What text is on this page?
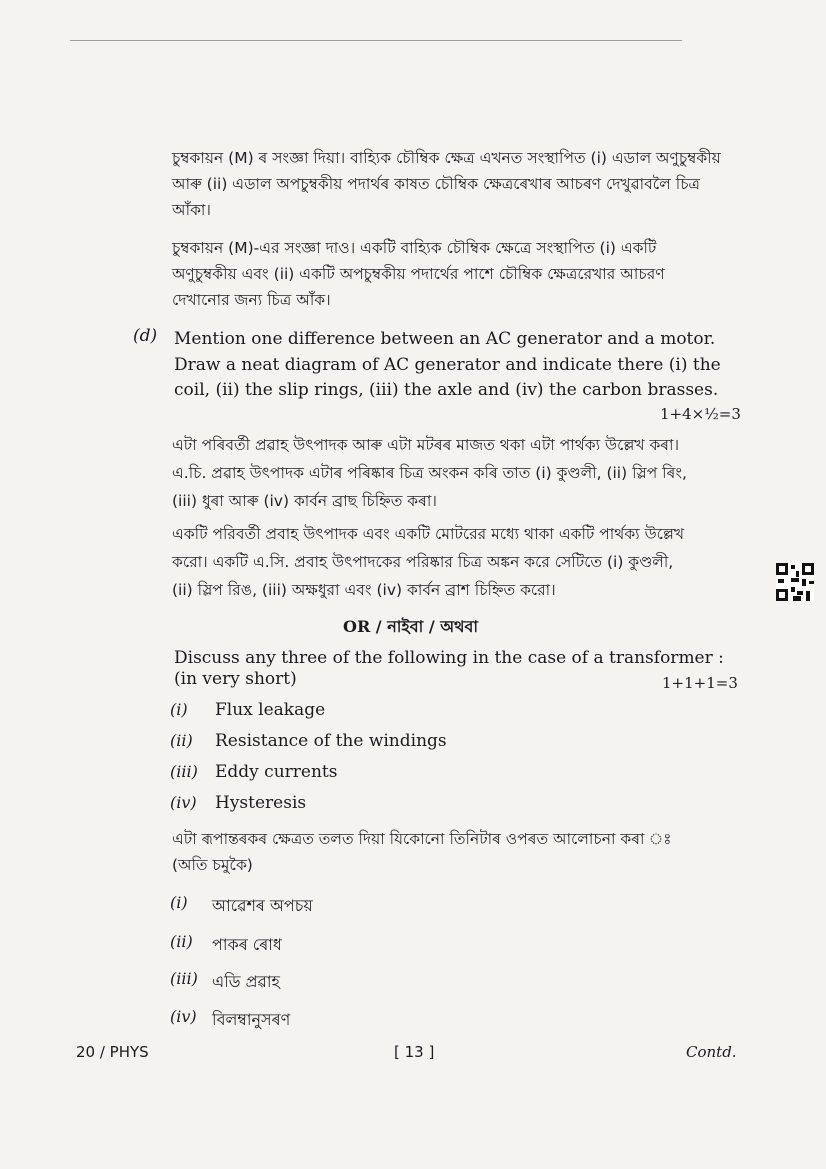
চুম্বকায়ন (M) ৰ সংজ্ঞা দিয়া। বাহ্যিক চৌম্বিক ক্ষেত্ৰ এখনত সংস্থাপিত (i) এডাল অণুচুম্বকীয়
আৰু (ii) এডাল অপচুম্বকীয় পদাৰ্থৰ কাষত চৌম্বিক ক্ষেত্ৰৰেখাৰ আচৰণ দেখুৱাবলৈ চিত্ৰ
আঁকা।
চুম্বকায়ন (M)-এর সংজ্ঞা দাও। একটি বাহ্যিক চৌম্বিক ক্ষেত্রে সংস্থাপিত (i) একটি
অণুচুম্বকীয় এবং (ii) একটি অপচুম্বকীয় পদার্থের পাশে চৌম্বিক ক্ষেত্ররেখার আচরণ
দেখানোর জন্য চিত্র আঁক।
(d) Mention one difference between an AC generator and a motor.
Draw a neat diagram of AC generator and indicate there (i) the
coil, (ii) the slip rings, (iii) the axle and (iv) the carbon brasses.
1+4×½=3
এটা পৰিবৰ্তী প্ৰৱাহ উৎপাদক আৰু এটা মটৰৰ মাজত থকা এটা পাৰ্থক্য উল্লেখ কৰা।
এ.চি. প্ৰৱাহ উৎপাদক এটাৰ পৰিষ্কাৰ চিত্ৰ অংকন কৰি তাত (i) কুণ্ডলী, (ii) স্লিপ ৰিং,
(iii) ধুৰা আৰু (iv) কাৰ্বন ব্ৰাছ চিহ্নিত কৰা।
একটি পরিবর্তী প্রবাহ উৎপাদক এবং একটি মোটরের মধ্যে থাকা একটি পার্থক্য উল্লেখ
করো। একটি এ.সি. প্রবাহ উৎপাদকের পরিষ্কার চিত্র অঙ্কন করে সেটিতে (i) কুণ্ডলী,
(ii) স্লিপ রিঙ, (iii) অক্ষধুরা এবং (iv) কার্বন ব্রাশ চিহ্নিত করো।
OR / নাইবা / অথবা
Discuss any three of the following in the case of a transformer :
(in very short)	1+1+1=3
(i) Flux leakage
(ii) Resistance of the windings
(iii) Eddy currents
(iv) Hysteresis
এটা ৰূপান্তৰকৰ ক্ষেত্ৰত তলত দিয়া যিকোনো তিনিটাৰ ওপৰত আলোচনা কৰা ঃ
(অতি চমুকৈ)
(i) আৱেশৰ অপচয়
(ii) পাকৰ ৰোধ
(iii) এডি প্ৰৱাহ
(iv) বিলম্বানুসৰণ
20 / PHYS	[ 13 ]	Contd.
